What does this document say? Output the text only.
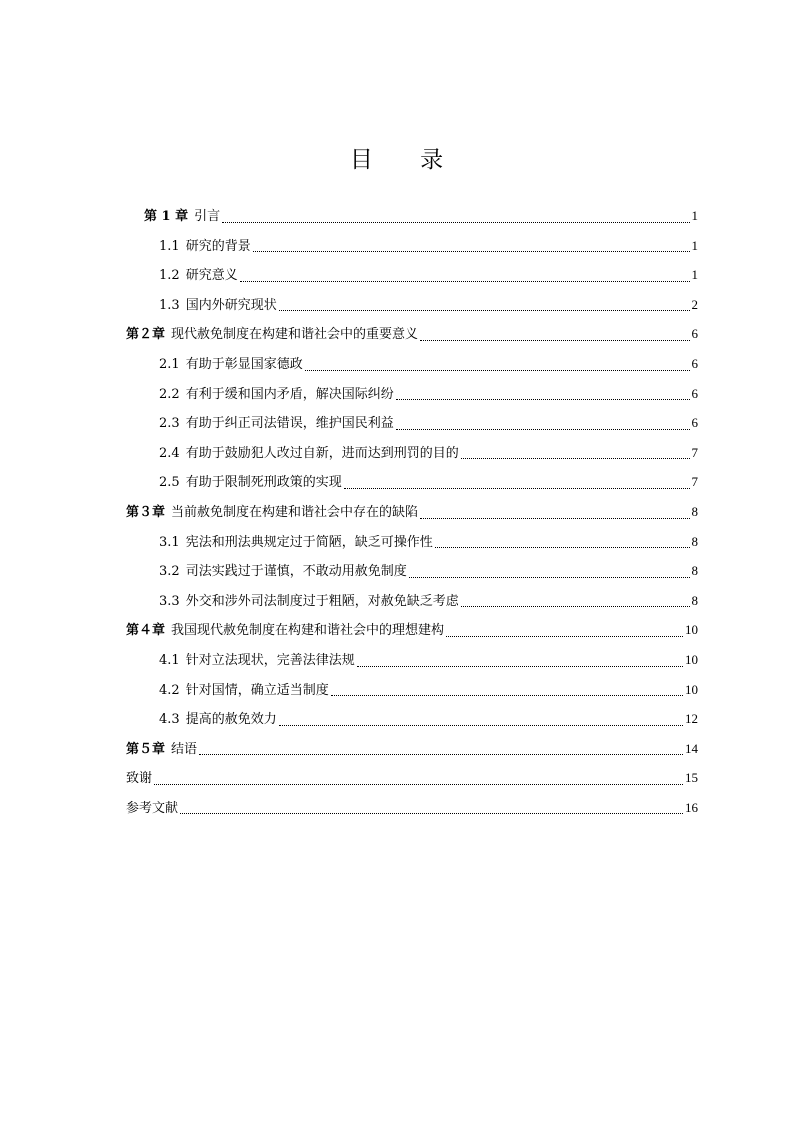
目 录
第 1 章 引言	1
1.1 研究的背景	1
1.2 研究意义	1
1.3 国内外研究现状	2
第２章 现代赦免制度在构建和谐社会中的重要意义	6
2.1 有助于彰显国家德政	6
2.2 有利于缓和国内矛盾，解决国际纠纷	6
2.3 有助于纠正司法错误，维护国民利益	6
2.4 有助于鼓励犯人改过自新，进而达到刑罚的目的	7
2.5 有助于限制死刑政策的实现	7
第３章 当前赦免制度在构建和谐社会中存在的缺陷	8
3.1 宪法和刑法典规定过于简陋，缺乏可操作性	8
3.2 司法实践过于谨慎，不敢动用赦免制度	8
3.3 外交和涉外司法制度过于粗陋，对赦免缺乏考虑	8
第４章 我国现代赦免制度在构建和谐社会中的理想建构	10
4.1 针对立法现状，完善法律法规	10
4.2 针对国情，确立适当制度	10
4.3 提高的赦免效力	12
第５章 结语	14
致谢	15
参考文献	16
